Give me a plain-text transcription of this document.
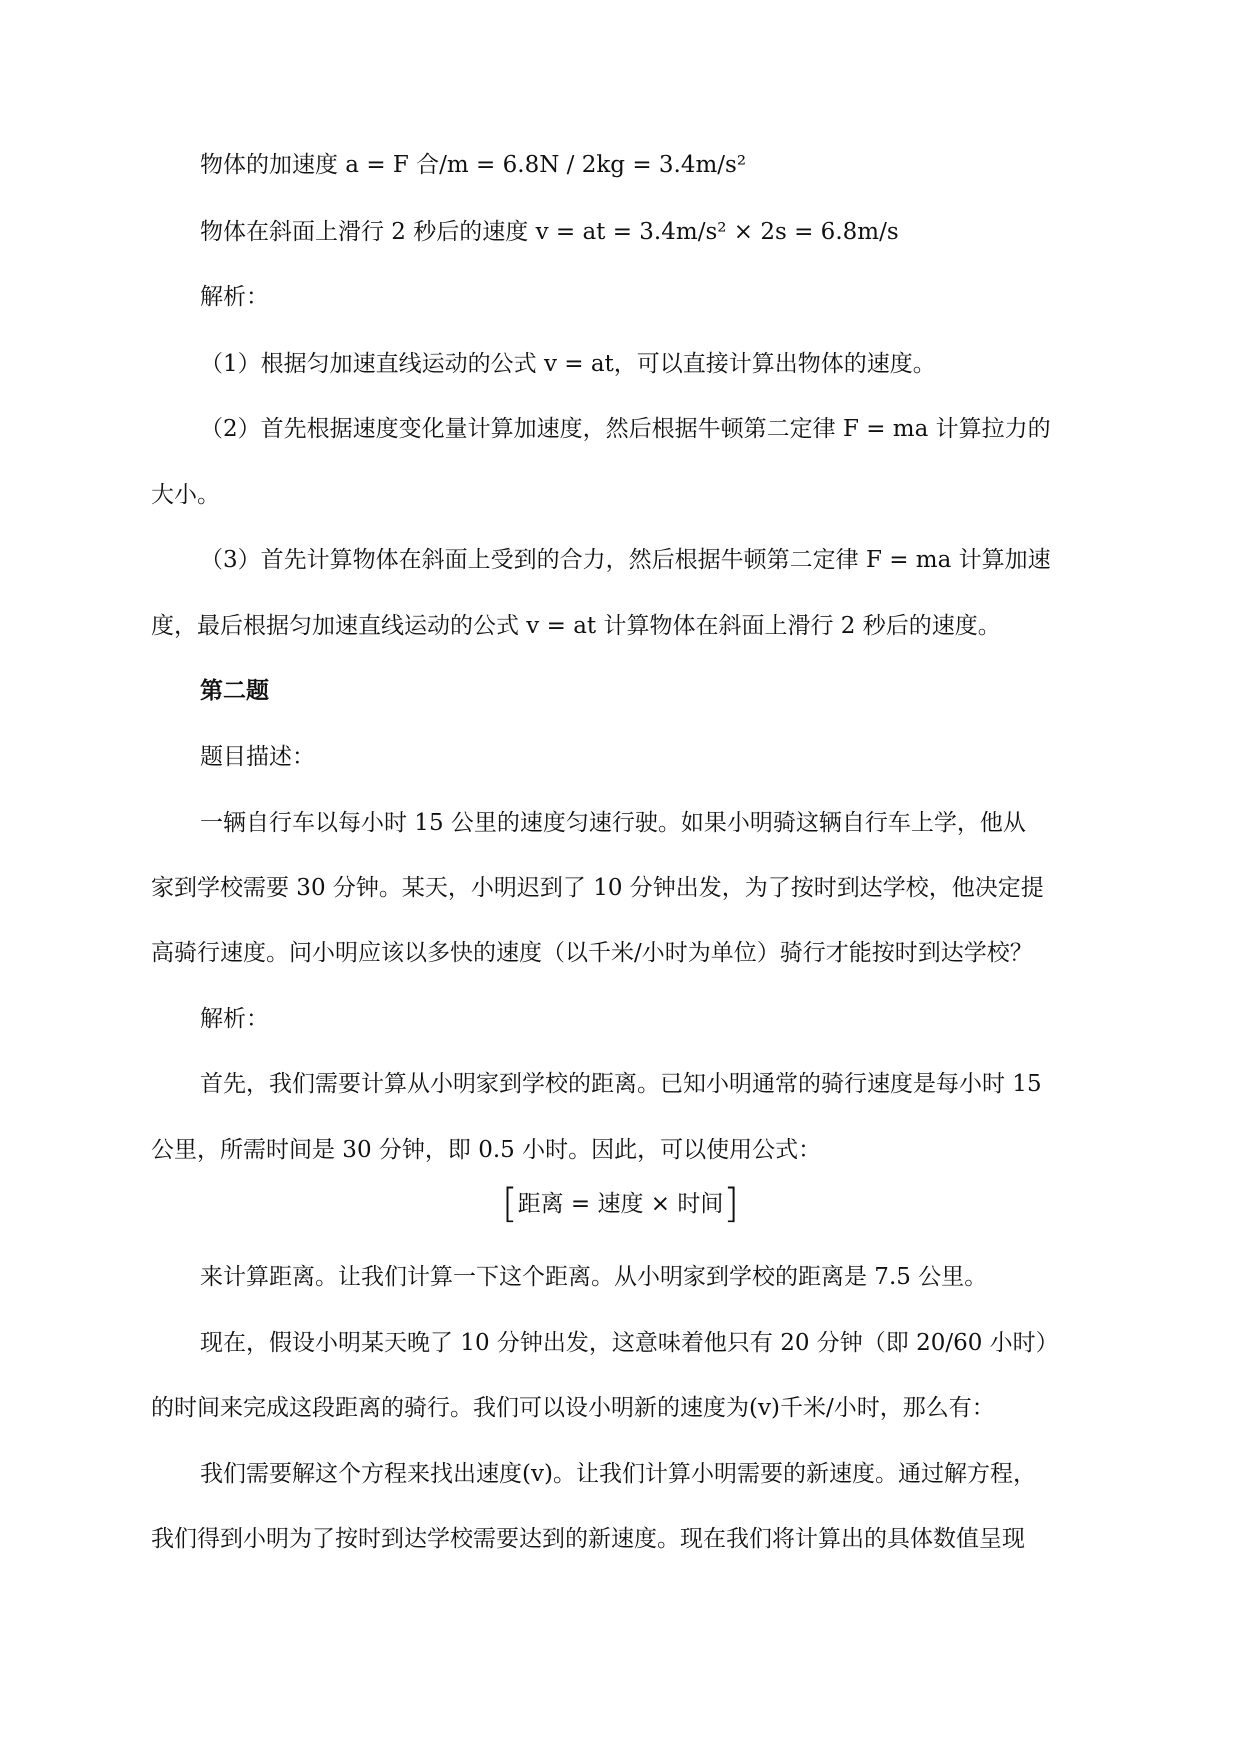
物体的加速度 a = F 合/m = 6.8N / 2kg = 3.4m/s²
物体在斜面上滑行 2 秒后的速度 v = at = 3.4m/s² × 2s = 6.8m/s
解析：
（1）根据匀加速直线运动的公式 v = at，可以直接计算出物体的速度。
（2）首先根据速度变化量计算加速度，然后根据牛顿第二定律 F = ma 计算拉力的
大小。
（3）首先计算物体在斜面上受到的合力，然后根据牛顿第二定律 F = ma 计算加速
度，最后根据匀加速直线运动的公式 v = at 计算物体在斜面上滑行 2 秒后的速度。
第二题
题目描述：
一辆自行车以每小时 15 公里的速度匀速行驶。如果小明骑这辆自行车上学，他从
家到学校需要 30 分钟。某天，小明迟到了 10 分钟出发，为了按时到达学校，他决定提
高骑行速度。问小明应该以多快的速度（以千米/小时为单位）骑行才能按时到达学校？
解析：
首先，我们需要计算从小明家到学校的距离。已知小明通常的骑行速度是每小时 15
公里，所需时间是 30 分钟，即 0.5 小时。因此，可以使用公式：
[距离 = 速度 × 时间]
来计算距离。让我们计算一下这个距离。从小明家到学校的距离是 7.5 公里。
现在，假设小明某天晚了 10 分钟出发，这意味着他只有 20 分钟（即 20/60 小时）
的时间来完成这段距离的骑行。我们可以设小明新的速度为(v)千米/小时，那么有：
我们需要解这个方程来找出速度(v)。让我们计算小明需要的新速度。通过解方程，
我们得到小明为了按时到达学校需要达到的新速度。现在我们将计算出的具体数值呈现
